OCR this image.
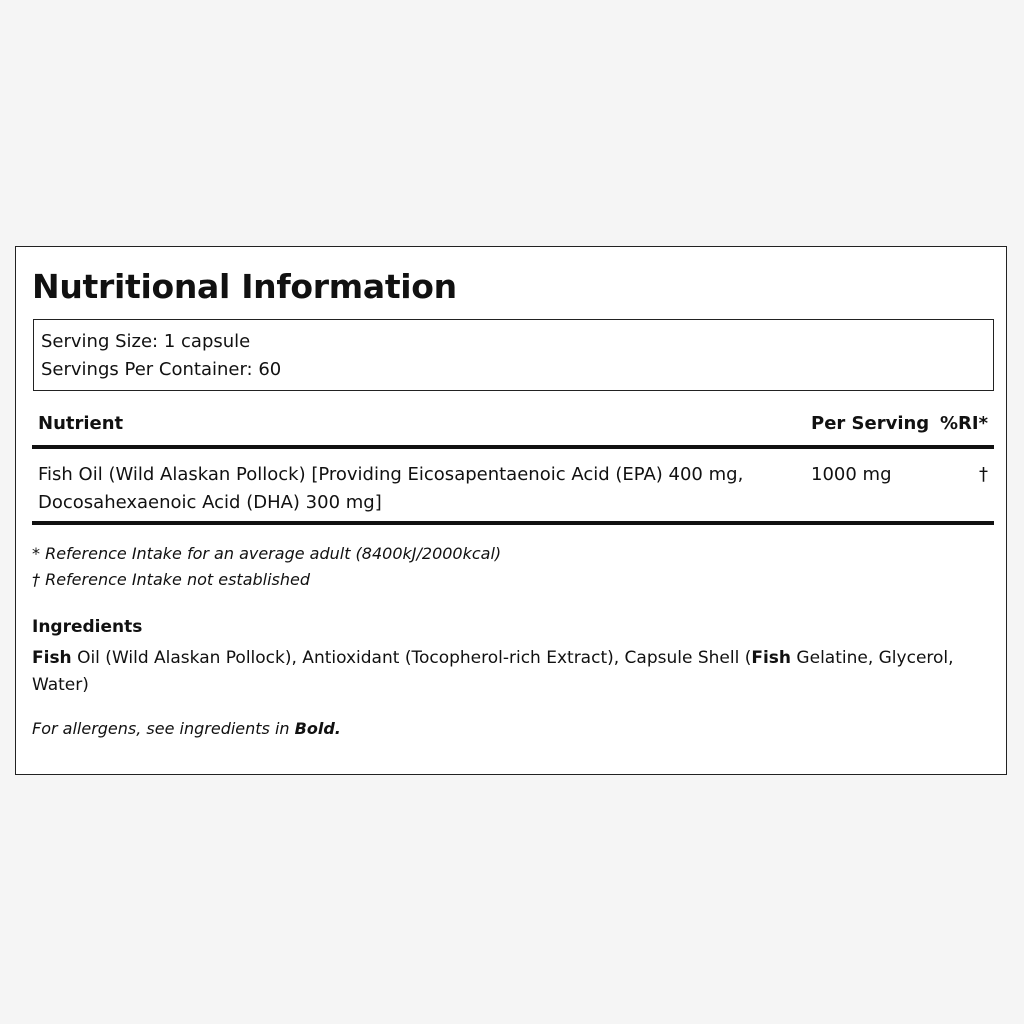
Nutritional Information
Serving Size: 1 capsule
Servings Per Container: 60
Nutrient	Per Serving %RI*
Fish Oil (Wild Alaskan Pollock) [Providing Eicosapentaenoic Acid (EPA) 400 mg, Docosahexaenoic Acid (DHA) 300 mg]
1000 mg	†
* Reference Intake for an average adult (8400kJ/2000kcal)
† Reference Intake not established
Ingredients
Fish Oil (Wild Alaskan Pollock), Antioxidant (Tocopherol-rich Extract), Capsule Shell (Fish Gelatine, Glycerol, Water)
For allergens, see ingredients in Bold.
